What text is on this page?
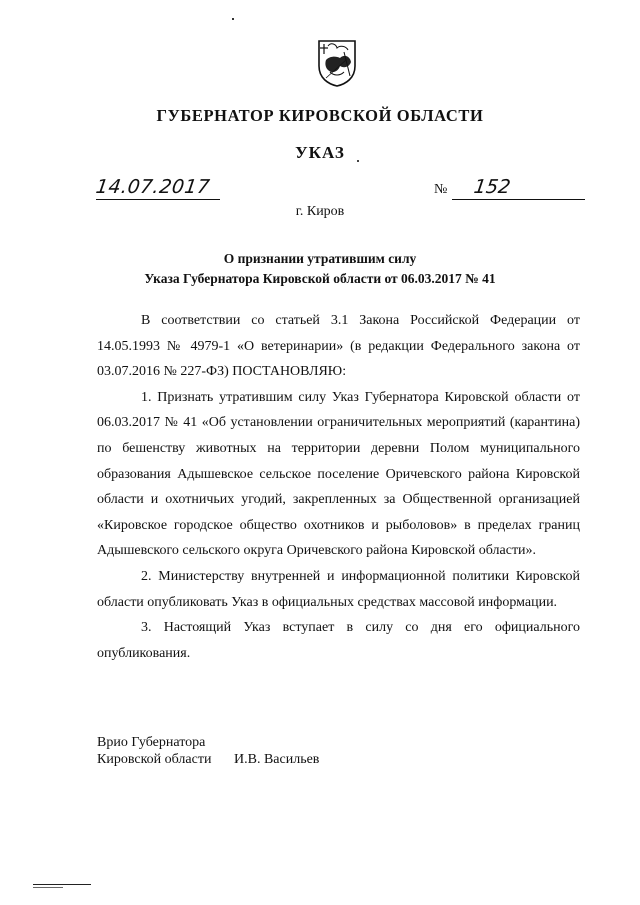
ГУБЕРНАТОР КИРОВСКОЙ ОБЛАСТИ
УКАЗ
14.07.2017	№ 152
г. Киров
О признании утратившим силу
Указа Губернатора Кировской области от 06.03.2017 № 41

В соответствии со статьей 3.1 Закона Российской Федерации от 14.05.1993 № 4979-1 «О ветеринарии» (в редакции Федерального закона от 03.07.2016 № 227-ФЗ) ПОСТАНОВЛЯЮ:

1. Признать утратившим силу Указ Губернатора Кировской области от 06.03.2017 № 41 «Об установлении ограничительных мероприятий (карантина) по бешенству животных на территории деревни Полом муниципального образования Адышевское сельское поселение Оричевского района Кировской области и охотничьих угодий, закрепленных за Общественной организацией «Кировское городское общество охотников и рыболовов» в пределах границ Адышевского сельского округа Оричевского района Кировской области».

2. Министерству внутренней и информационной политики Кировской области опубликовать Указ в официальных средствах массовой информации.

3. Настоящий Указ вступает в силу со дня его официального опубликования.

Врио Губернатора
Кировской области И.В. Васильев
